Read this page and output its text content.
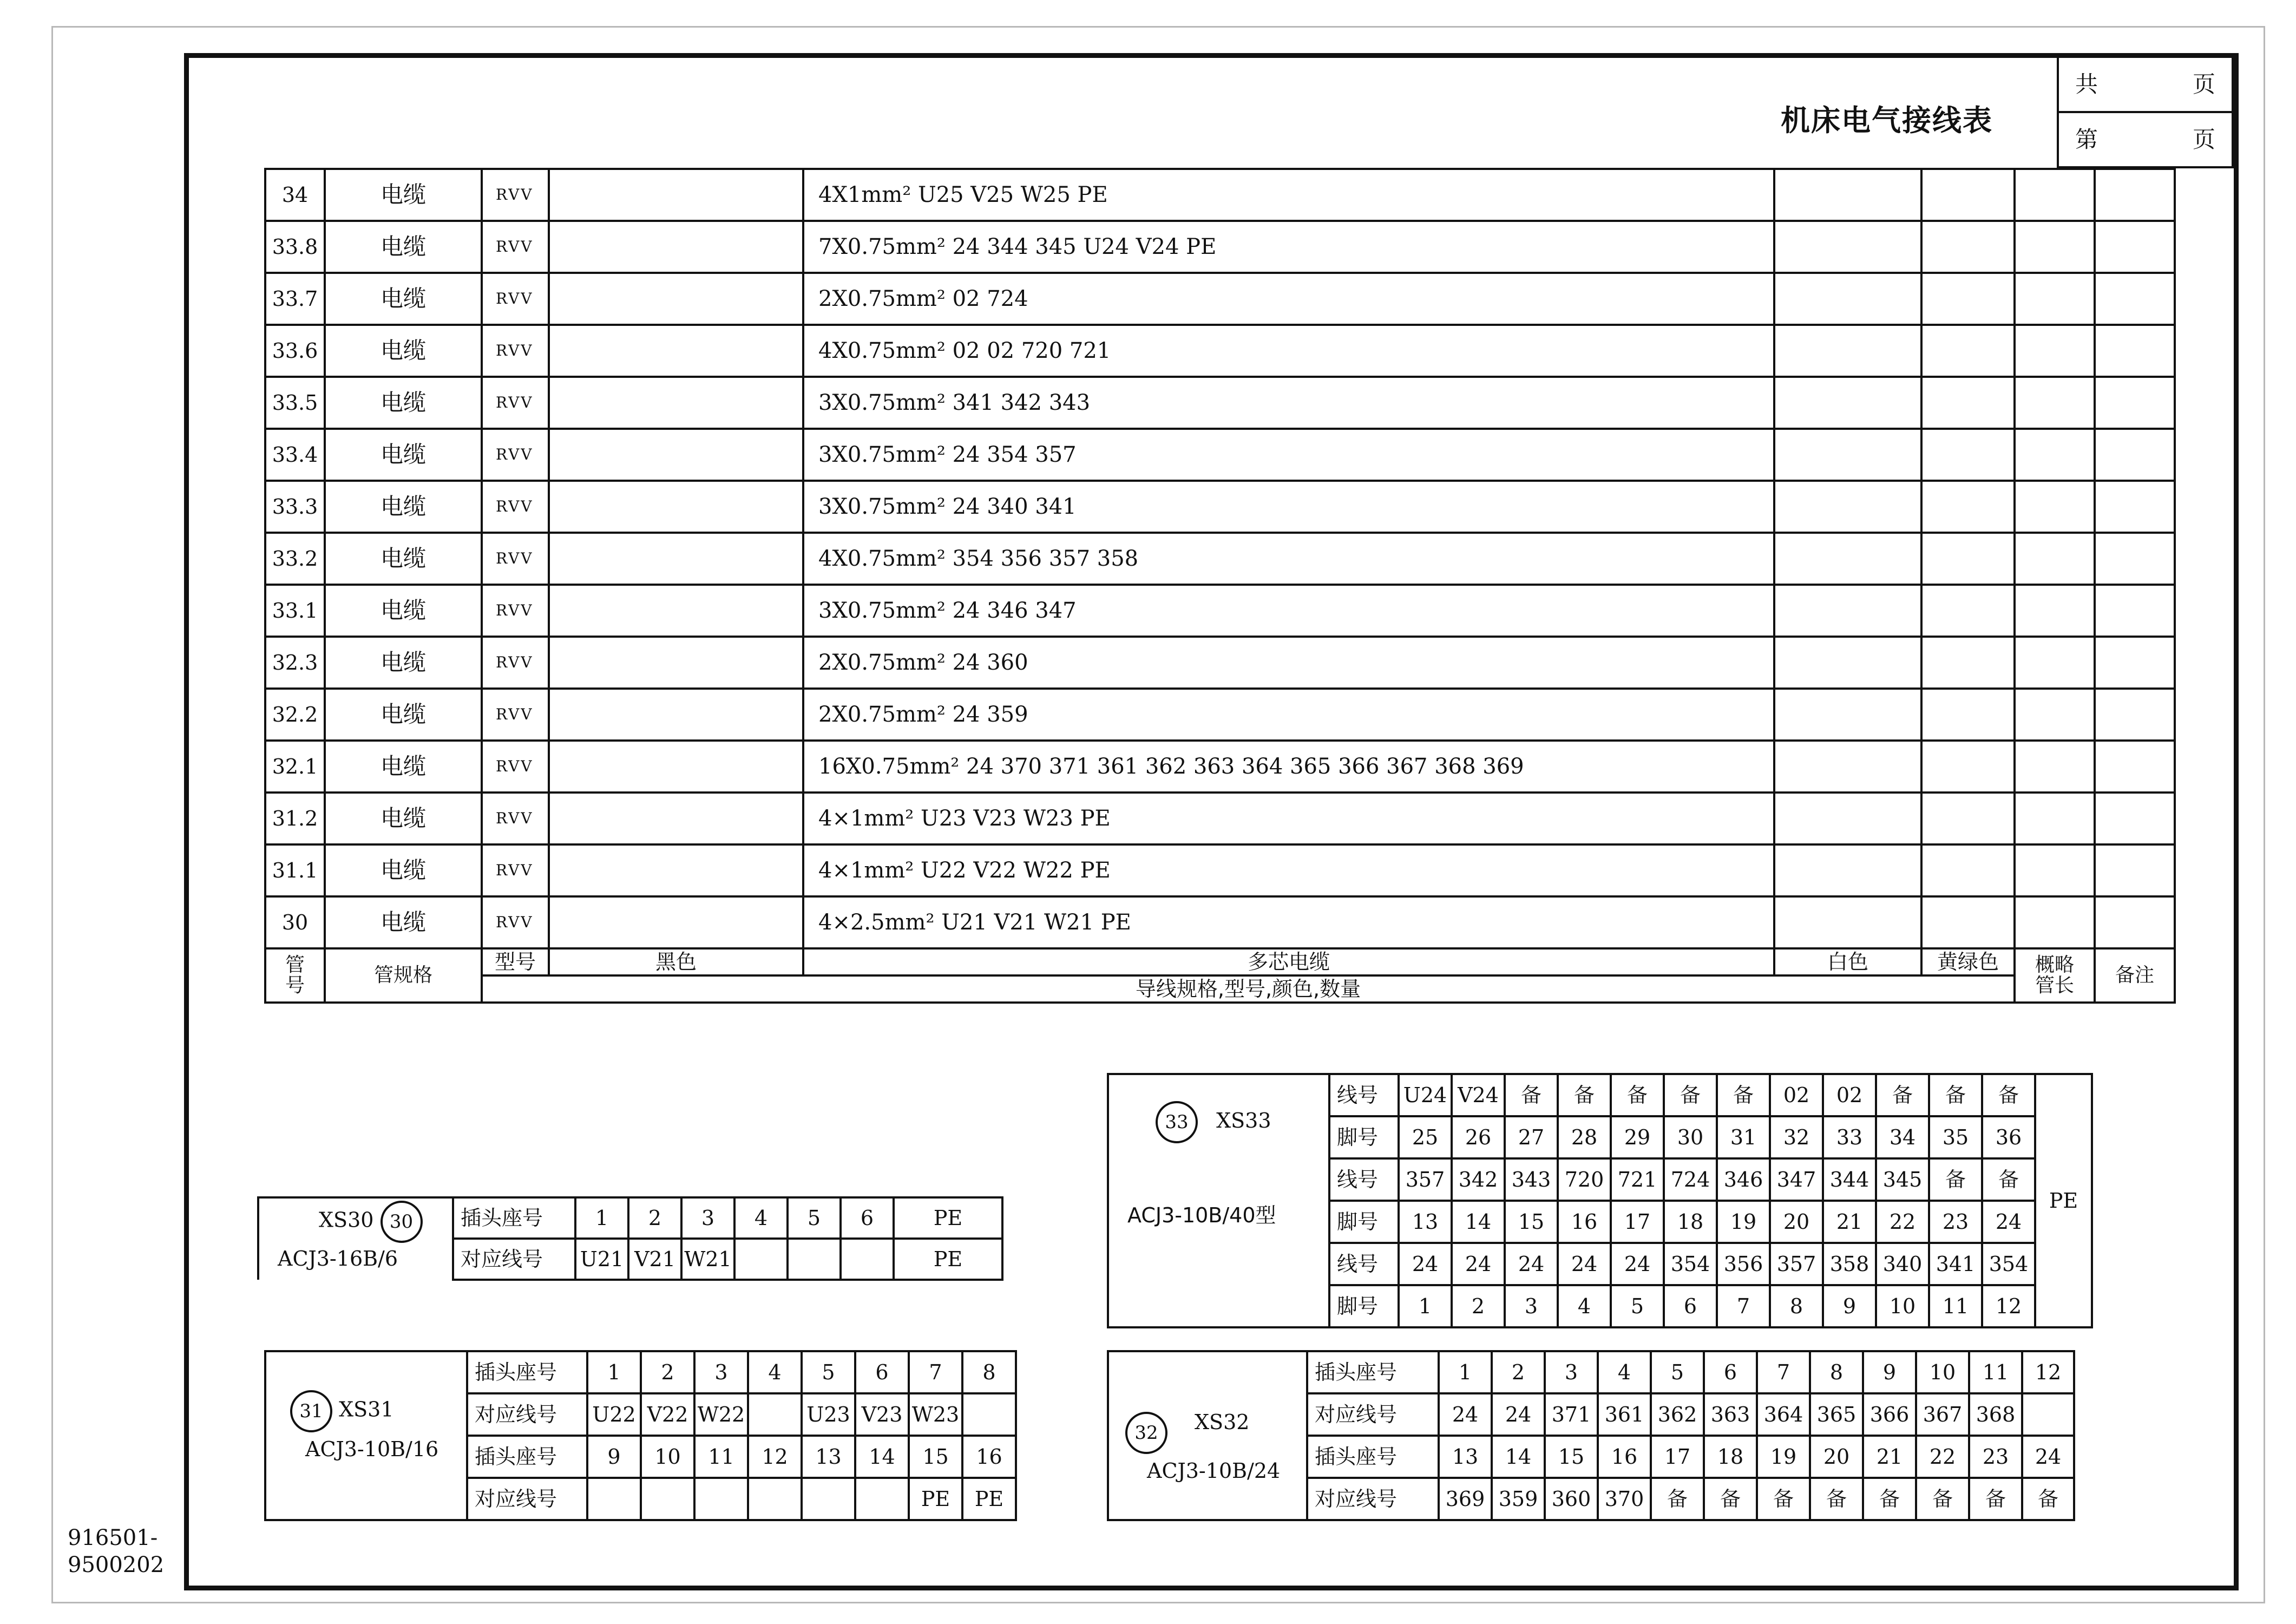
机床电气接线表
共	页

第	页
34	电缆	RVV		4X1mm² U25 V25 W25 PE				
33.8	电缆	RVV		7X0.75mm² 24 344 345 U24 V24 PE				
33.7	电缆	RVV		2X0.75mm² 02 724				
33.6	电缆	RVV		4X0.75mm² 02 02 720 721				
33.5	电缆	RVV		3X0.75mm² 341 342 343				
33.4	电缆	RVV		3X0.75mm² 24 354 357				
33.3	电缆	RVV		3X0.75mm² 24 340 341				
33.2	电缆	RVV		4X0.75mm² 354 356 357 358				
33.1	电缆	RVV		3X0.75mm² 24 346 347				
32.3	电缆	RVV		2X0.75mm² 24 360				
32.2	电缆	RVV		2X0.75mm² 24 359				
32.1	电缆	RVV		16X0.75mm² 24 370 371 361 362 363 364 365 366 367 368 369				
31.2	电缆	RVV		4×1mm² U23 V23 W23 PE				
31.1	电缆	RVV		4×1mm² U22 V22 W22 PE				
30	电缆	RVV		4×2.5mm² U21 V21 W21 PE				
管号	管规格	型号	黑色	多芯电缆	白色	黄绿色	概略管长	备注
		导线规格,型号,颜色,数量						
XS30 30
ACJ3-16B/6	插头座号	1	2	3	4	5	6	PE
	对应线号	U21	V21	W21				PE
31 XS31
ACJ3-10B/16	插头座号	1	2	3	4	5	6	7	8
	对应线号	U22	V22	W22		U23	V23	W23	
	插头座号	9	10	11	12	13	14	15	16
	对应线号							PE	PE
32 XS32
ACJ3-10B/24	插头座号	1	2	3	4	5	6	7	8	9	10	11	12
	对应线号	24	24	371	361	362	363	364	365	366	367	368	
	插头座号	13	14	15	16	17	18	19	20	21	22	23	24
	对应线号	369	359	360	370	备	备	备	备	备	备	备	备
33 XS33
ACJ3-10B/40型	线号	U24	V24	备	备	备	备	备	02	02	备	备	备	PE
	脚号	25	26	27	28	29	30	31	32	33	34	35	36	
	线号	357	342	343	720	721	724	346	347	344	345	备	备	
	脚号	13	14	15	16	17	18	19	20	21	22	23	24	
	线号	24	24	24	24	24	354	356	357	358	340	341	354	
	脚号	1	2	3	4	5	6	7	8	9	10	11	12	
916501-
9500202
